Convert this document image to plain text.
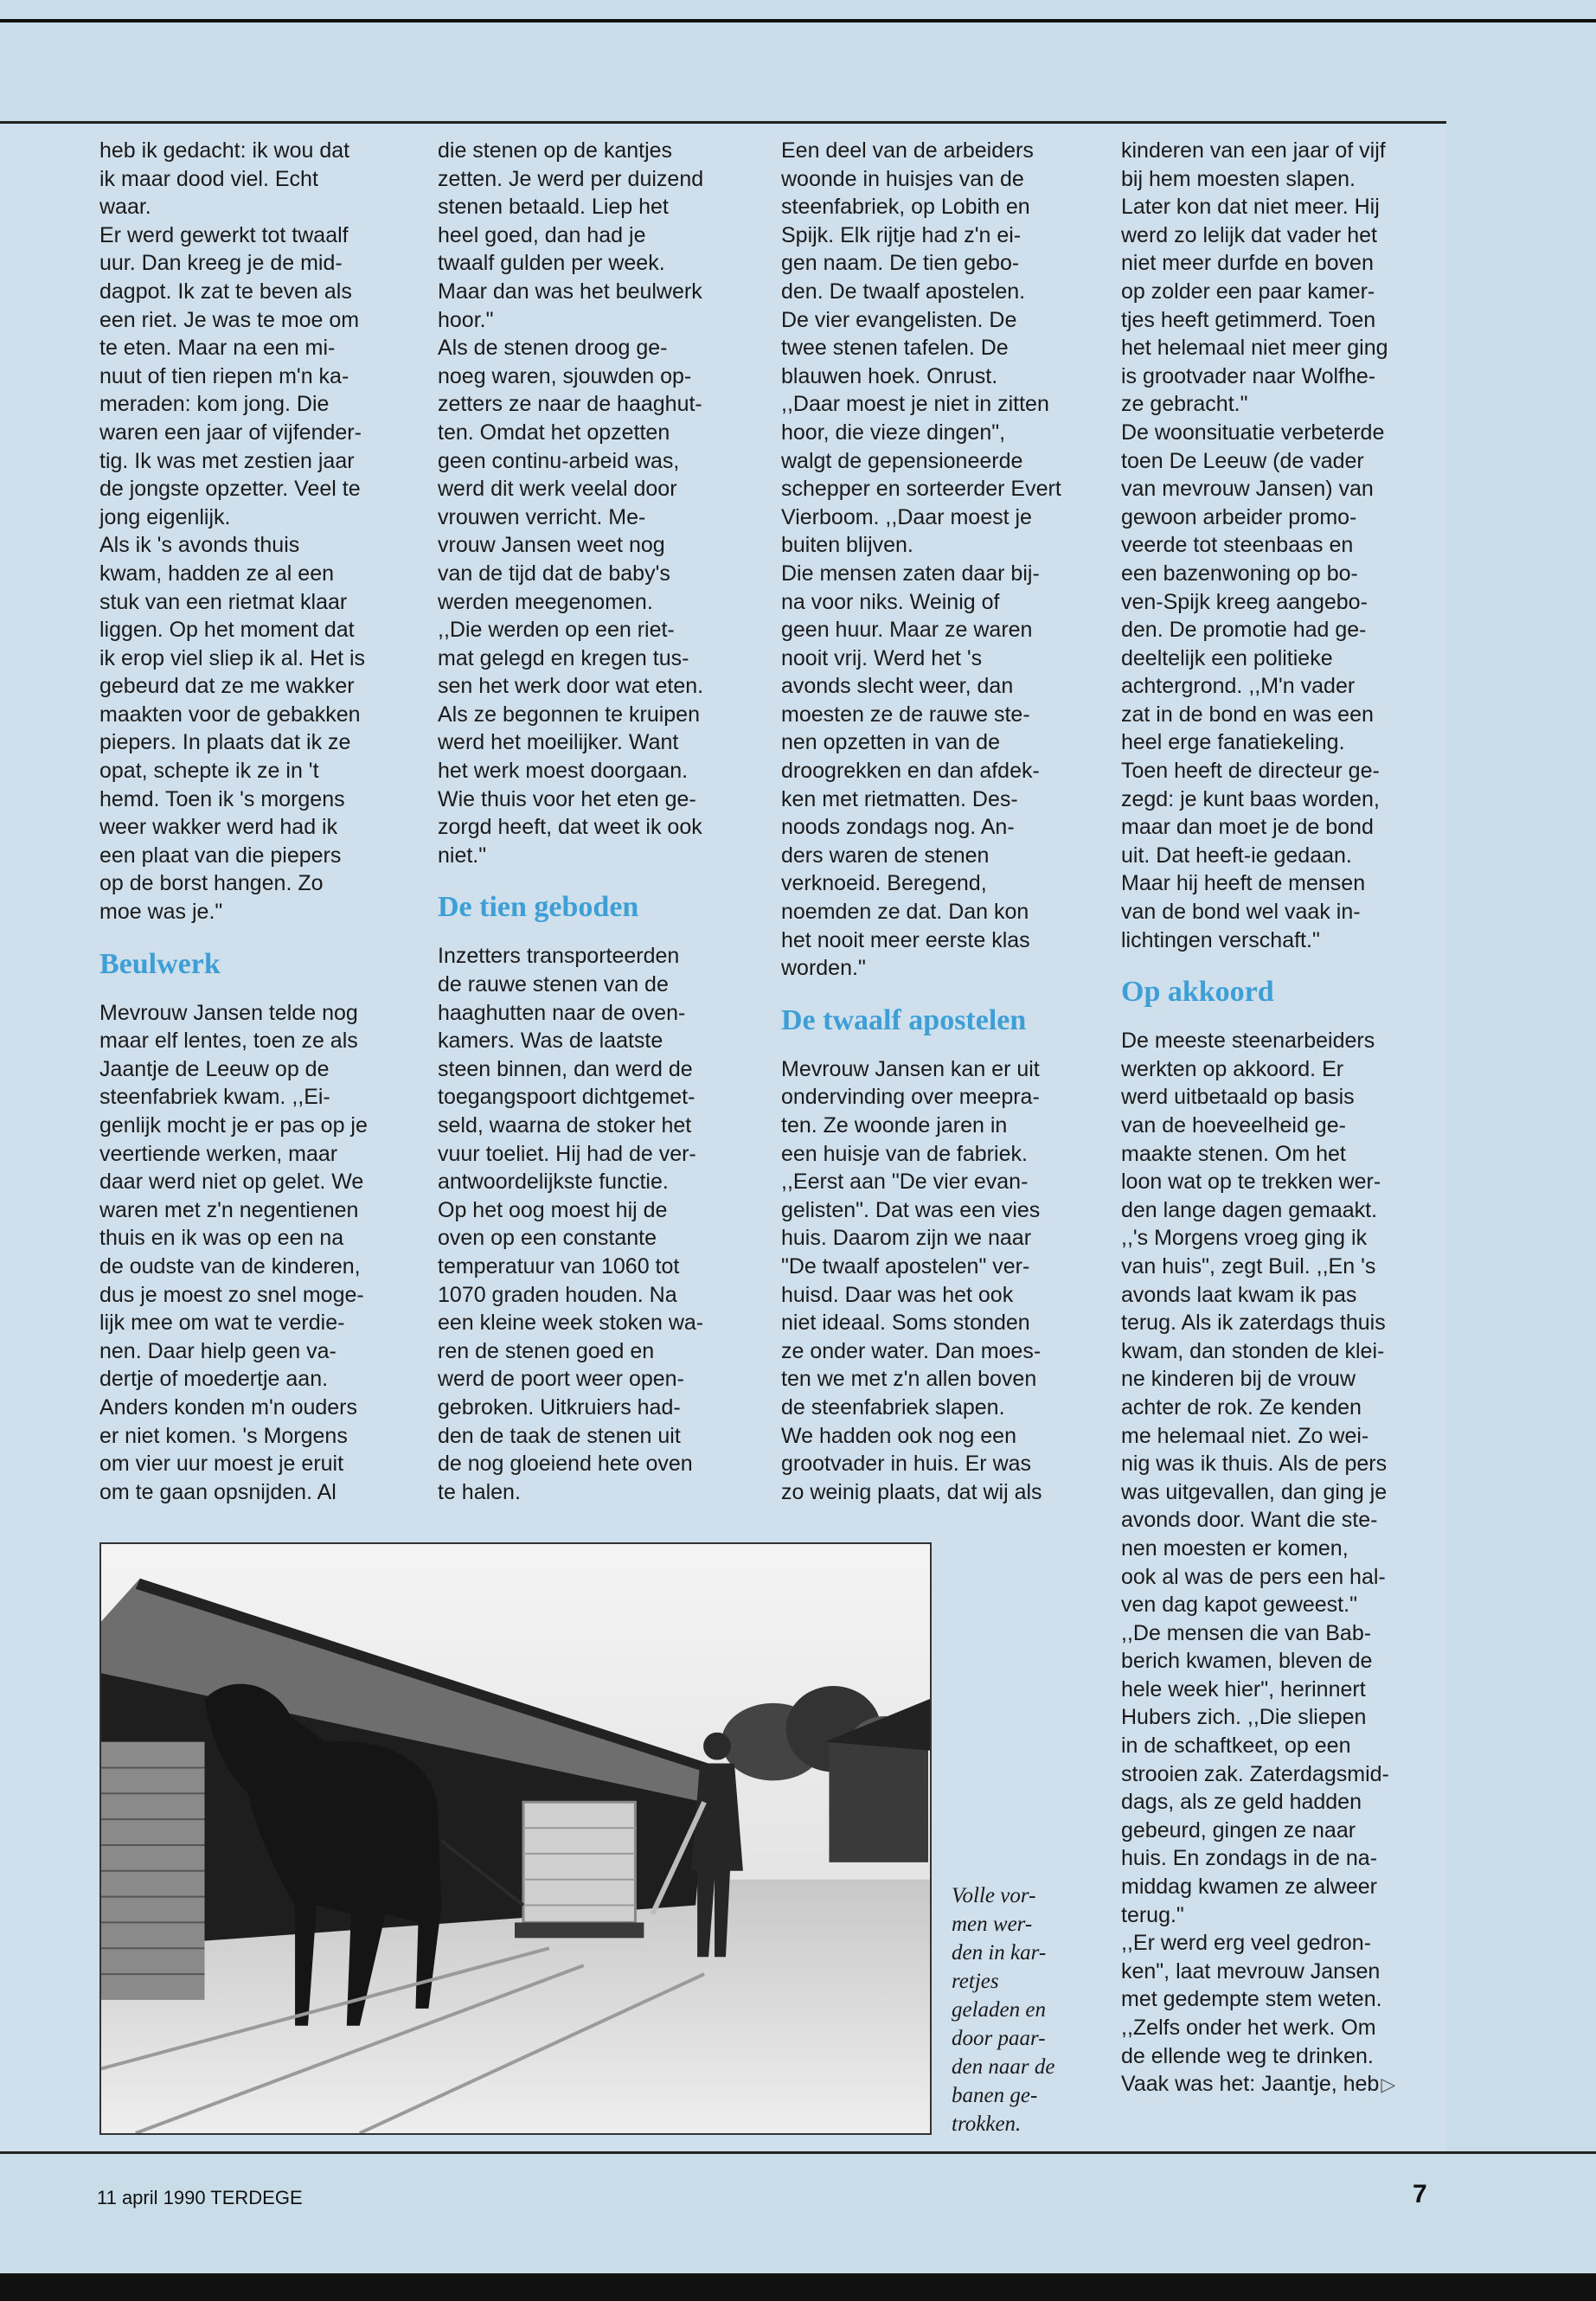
heb ik gedacht: ik wou dat
ik maar dood viel. Echt
waar.

Er werd gewerkt tot twaalf
uur. Dan kreeg je de mid-
dagpot. Ik zat te beven als
een riet. Je was te moe om
te eten. Maar na een mi-
nuut of tien riepen m'n ka-
meraden: kom jong. Die
waren een jaar of vijfender-
tig. Ik was met zestien jaar
de jongste opzetter. Veel te
jong eigenlijk.

Als ik 's avonds thuis
kwam, hadden ze al een
stuk van een rietmat klaar
liggen. Op het moment dat
ik erop viel sliep ik al. Het is
gebeurd dat ze me wakker
maakten voor de gebakken
piepers. In plaats dat ik ze
opat, schepte ik ze in 't
hemd. Toen ik 's morgens
weer wakker werd had ik
een plaat van die piepers
op de borst hangen. Zo
moe was je."

Beulwerk

Mevrouw Jansen telde nog
maar elf lentes, toen ze als
Jaantje de Leeuw op de
steenfabriek kwam. ,,Ei-
genlijk mocht je er pas op je
veertiende werken, maar
daar werd niet op gelet. We
waren met z'n negentienen
thuis en ik was op een na
de oudste van de kinderen,
dus je moest zo snel moge-
lijk mee om wat te verdie-
nen. Daar hielp geen va-
dertje of moedertje aan.
Anders konden m'n ouders
er niet komen. 's Morgens
om vier uur moest je eruit
om te gaan opsnijden. Al

die stenen op de kantjes
zetten. Je werd per duizend
stenen betaald. Liep het
heel goed, dan had je
twaalf gulden per week.
Maar dan was het beulwerk
hoor."

Als de stenen droog ge-
noeg waren, sjouwden op-
zetters ze naar de haaghut-
ten. Omdat het opzetten
geen continu-arbeid was,
werd dit werk veelal door
vrouwen verricht. Me-
vrouw Jansen weet nog
van de tijd dat de baby's
werden meegenomen.
,,Die werden op een riet-
mat gelegd en kregen tus-
sen het werk door wat eten.
Als ze begonnen te kruipen
werd het moeilijker. Want
het werk moest doorgaan.
Wie thuis voor het eten ge-
zorgd heeft, dat weet ik ook
niet."

De tien geboden

Inzetters transporteerden
de rauwe stenen van de
haaghutten naar de oven-
kamers. Was de laatste
steen binnen, dan werd de
toegangspoort dichtgemet-
seld, waarna de stoker het
vuur toeliet. Hij had de ver-
antwoordelijkste functie.
Op het oog moest hij de
oven op een constante
temperatuur van 1060 tot
1070 graden houden. Na
een kleine week stoken wa-
ren de stenen goed en
werd de poort weer open-
gebroken. Uitkruiers had-
den de taak de stenen uit
de nog gloeiend hete oven
te halen.

Een deel van de arbeiders
woonde in huisjes van de
steenfabriek, op Lobith en
Spijk. Elk rijtje had z'n ei-
gen naam. De tien gebo-
den. De twaalf apostelen.
De vier evangelisten. De
twee stenen tafelen. De
blauwen hoek. Onrust.
,,Daar moest je niet in zitten
hoor, die vieze dingen",
walgt de gepensioneerde
schepper en sorteerder Evert
Vierboom. ,,Daar moest je
buiten blijven.

Die mensen zaten daar bij-
na voor niks. Weinig of
geen huur. Maar ze waren
nooit vrij. Werd het 's
avonds slecht weer, dan
moesten ze de rauwe ste-
nen opzetten in van de
droogrekken en dan afdek-
ken met rietmatten. Des-
noods zondags nog. An-
ders waren de stenen
verknoeid. Beregend,
noemden ze dat. Dan kon
het nooit meer eerste klas
worden."

De twaalf apostelen

Mevrouw Jansen kan er uit
ondervinding over meepra-
ten. Ze woonde jaren in
een huisje van de fabriek.
,,Eerst aan "De vier evan-
gelisten". Dat was een vies
huis. Daarom zijn we naar
"De twaalf apostelen" ver-
huisd. Daar was het ook
niet ideaal. Soms stonden
ze onder water. Dan moes-
ten we met z'n allen boven
de steenfabriek slapen.
We hadden ook nog een
grootvader in huis. Er was
zo weinig plaats, dat wij als

kinderen van een jaar of vijf
bij hem moesten slapen.
Later kon dat niet meer. Hij
werd zo lelijk dat vader het
niet meer durfde en boven
op zolder een paar kamer-
tjes heeft getimmerd. Toen
het helemaal niet meer ging
is grootvader naar Wolfhe-
ze gebracht."

De woonsituatie verbeterde
toen De Leeuw (de vader
van mevrouw Jansen) van
gewoon arbeider promo-
veerde tot steenbaas en
een bazenwoning op bo-
ven-Spijk kreeg aangebo-
den. De promotie had ge-
deeltelijk een politieke
achtergrond. ,,M'n vader
zat in de bond en was een
heel erge fanatiekeling.
Toen heeft de directeur ge-
zegd: je kunt baas worden,
maar dan moet je de bond
uit. Dat heeft-ie gedaan.
Maar hij heeft de mensen
van de bond wel vaak in-
lichtingen verschaft."

Op akkoord

De meeste steenarbeiders
werkten op akkoord. Er
werd uitbetaald op basis
van de hoeveelheid ge-
maakte stenen. Om het
loon wat op te trekken wer-
den lange dagen gemaakt.
,,'s Morgens vroeg ging ik
van huis", zegt Buil. ,,En 's
avonds laat kwam ik pas
terug. Als ik zaterdags thuis
kwam, dan stonden de klei-
ne kinderen bij de vrouw
achter de rok. Ze kenden
me helemaal niet. Zo wei-
nig was ik thuis. Als de pers
was uitgevallen, dan ging je
avonds door. Want die ste-
nen moesten er komen,
ook al was de pers een hal-
ven dag kapot geweest."

,,De mensen die van Bab-
berich kwamen, bleven de
hele week hier", herinnert
Hubers zich. ,,Die sliepen
in de schaftkeet, op een
strooien zak. Zaterdagsmid-
dags, als ze geld hadden
gebeurd, gingen ze naar
huis. En zondags in de na-
middag kwamen ze alweer
terug."

,,Er werd erg veel gedron-
ken", laat mevrouw Jansen
met gedempte stem weten.
,,Zelfs onder het werk. Om
de ellende weg te drinken.
Vaak was het: Jaantje, heb

▷

Volle vor-
men wer-
den in kar-
retjes
geladen en
door paar-
den naar de
banen ge-
trokken.

11 april 1990 TERDEGE	7
